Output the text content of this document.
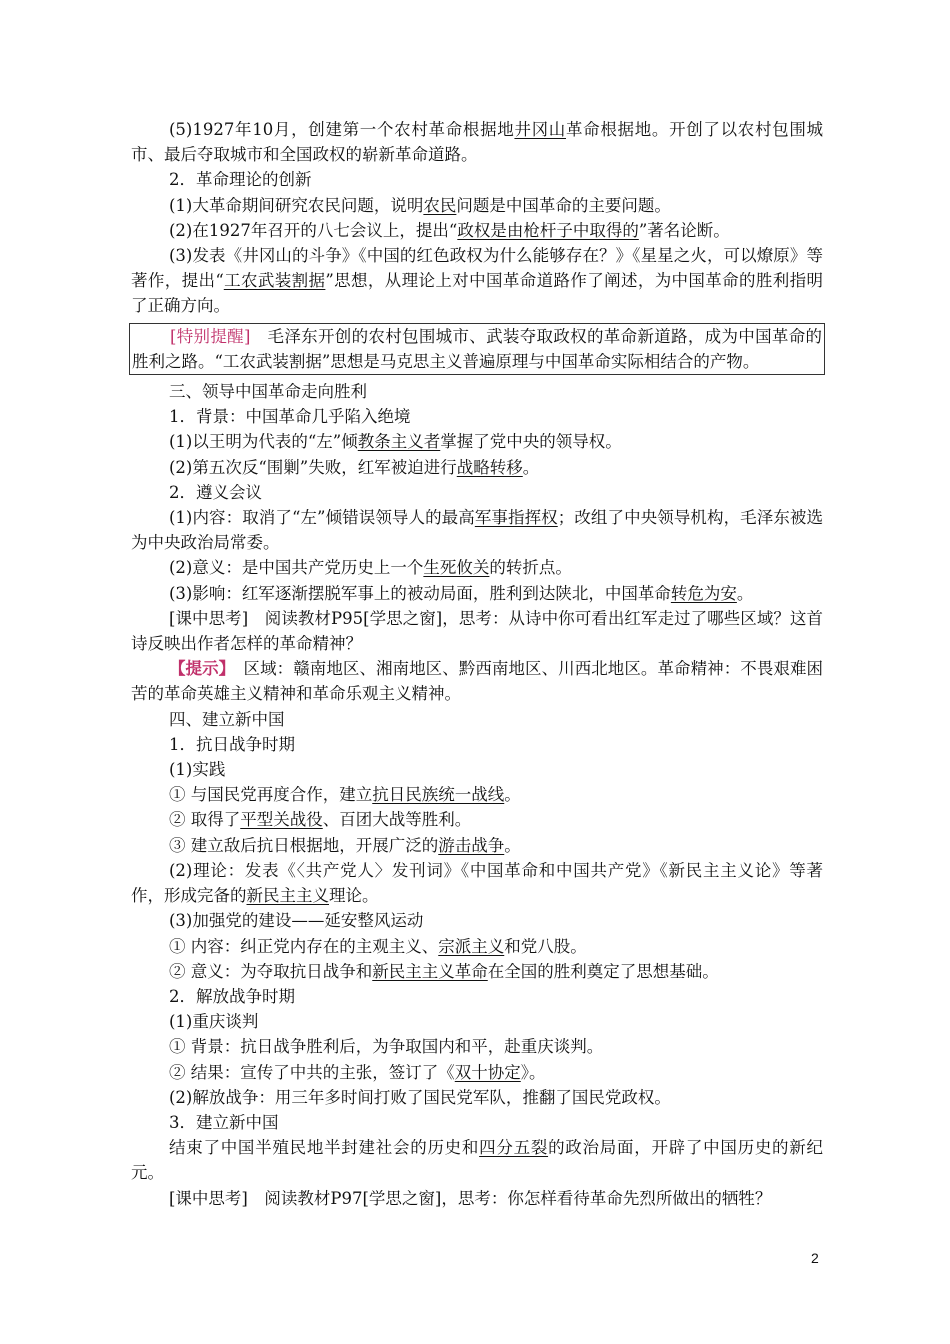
(5)1927年10月，创建第一个农村革命根据地井冈山革命根据地。开创了以农村包围城市、最后夺取城市和全国政权的崭新革命道路。
2．革命理论的创新
(1)大革命期间研究农民问题，说明农民问题是中国革命的主要问题。
(2)在1927年召开的八七会议上，提出“政权是由枪杆子中取得的”著名论断。
(3)发表《井冈山的斗争》《中国的红色政权为什么能够存在？》《星星之火，可以燎原》等著作，提出“工农武装割据”思想，从理论上对中国革命道路作了阐述，为中国革命的胜利指明了正确方向。
[特别提醒]　毛泽东开创的农村包围城市、武装夺取政权的革命新道路，成为中国革命的胜利之路。“工农武装割据”思想是马克思主义普遍原理与中国革命实际相结合的产物。
三、领导中国革命走向胜利
1．背景：中国革命几乎陷入绝境
(1)以王明为代表的“左”倾教条主义者掌握了党中央的领导权。
(2)第五次反“围剿”失败，红军被迫进行战略转移。
2．遵义会议
(1)内容：取消了“左”倾错误领导人的最高军事指挥权；改组了中央领导机构，毛泽东被选为中央政治局常委。
(2)意义：是中国共产党历史上一个生死攸关的转折点。
(3)影响：红军逐渐摆脱军事上的被动局面，胜利到达陕北，中国革命转危为安。
[课中思考]　阅读教材P95[学思之窗]，思考：从诗中你可看出红军走过了哪些区域？这首诗反映出作者怎样的革命精神？
【提示】　区域：赣南地区、湘南地区、黔西南地区、川西北地区。革命精神：不畏艰难困苦的革命英雄主义精神和革命乐观主义精神。
四、建立新中国
1．抗日战争时期
(1)实践
① 与国民党再度合作，建立抗日民族统一战线。
② 取得了平型关战役、百团大战等胜利。
③ 建立敌后抗日根据地，开展广泛的游击战争。
(2)理论：发表《〈共产党人〉发刊词》《中国革命和中国共产党》《新民主主义论》等著作，形成完备的新民主主义理论。
(3)加强党的建设——延安整风运动
① 内容：纠正党内存在的主观主义、宗派主义和党八股。
② 意义：为夺取抗日战争和新民主主义革命在全国的胜利奠定了思想基础。
2．解放战争时期
(1)重庆谈判
① 背景：抗日战争胜利后，为争取国内和平，赴重庆谈判。
② 结果：宣传了中共的主张，签订了《双十协定》。
(2)解放战争：用三年多时间打败了国民党军队，推翻了国民党政权。
3．建立新中国
结束了中国半殖民地半封建社会的历史和四分五裂的政治局面，开辟了中国历史的新纪元。
[课中思考]　阅读教材P97[学思之窗]，思考：你怎样看待革命先烈所做出的牺牲？
2
